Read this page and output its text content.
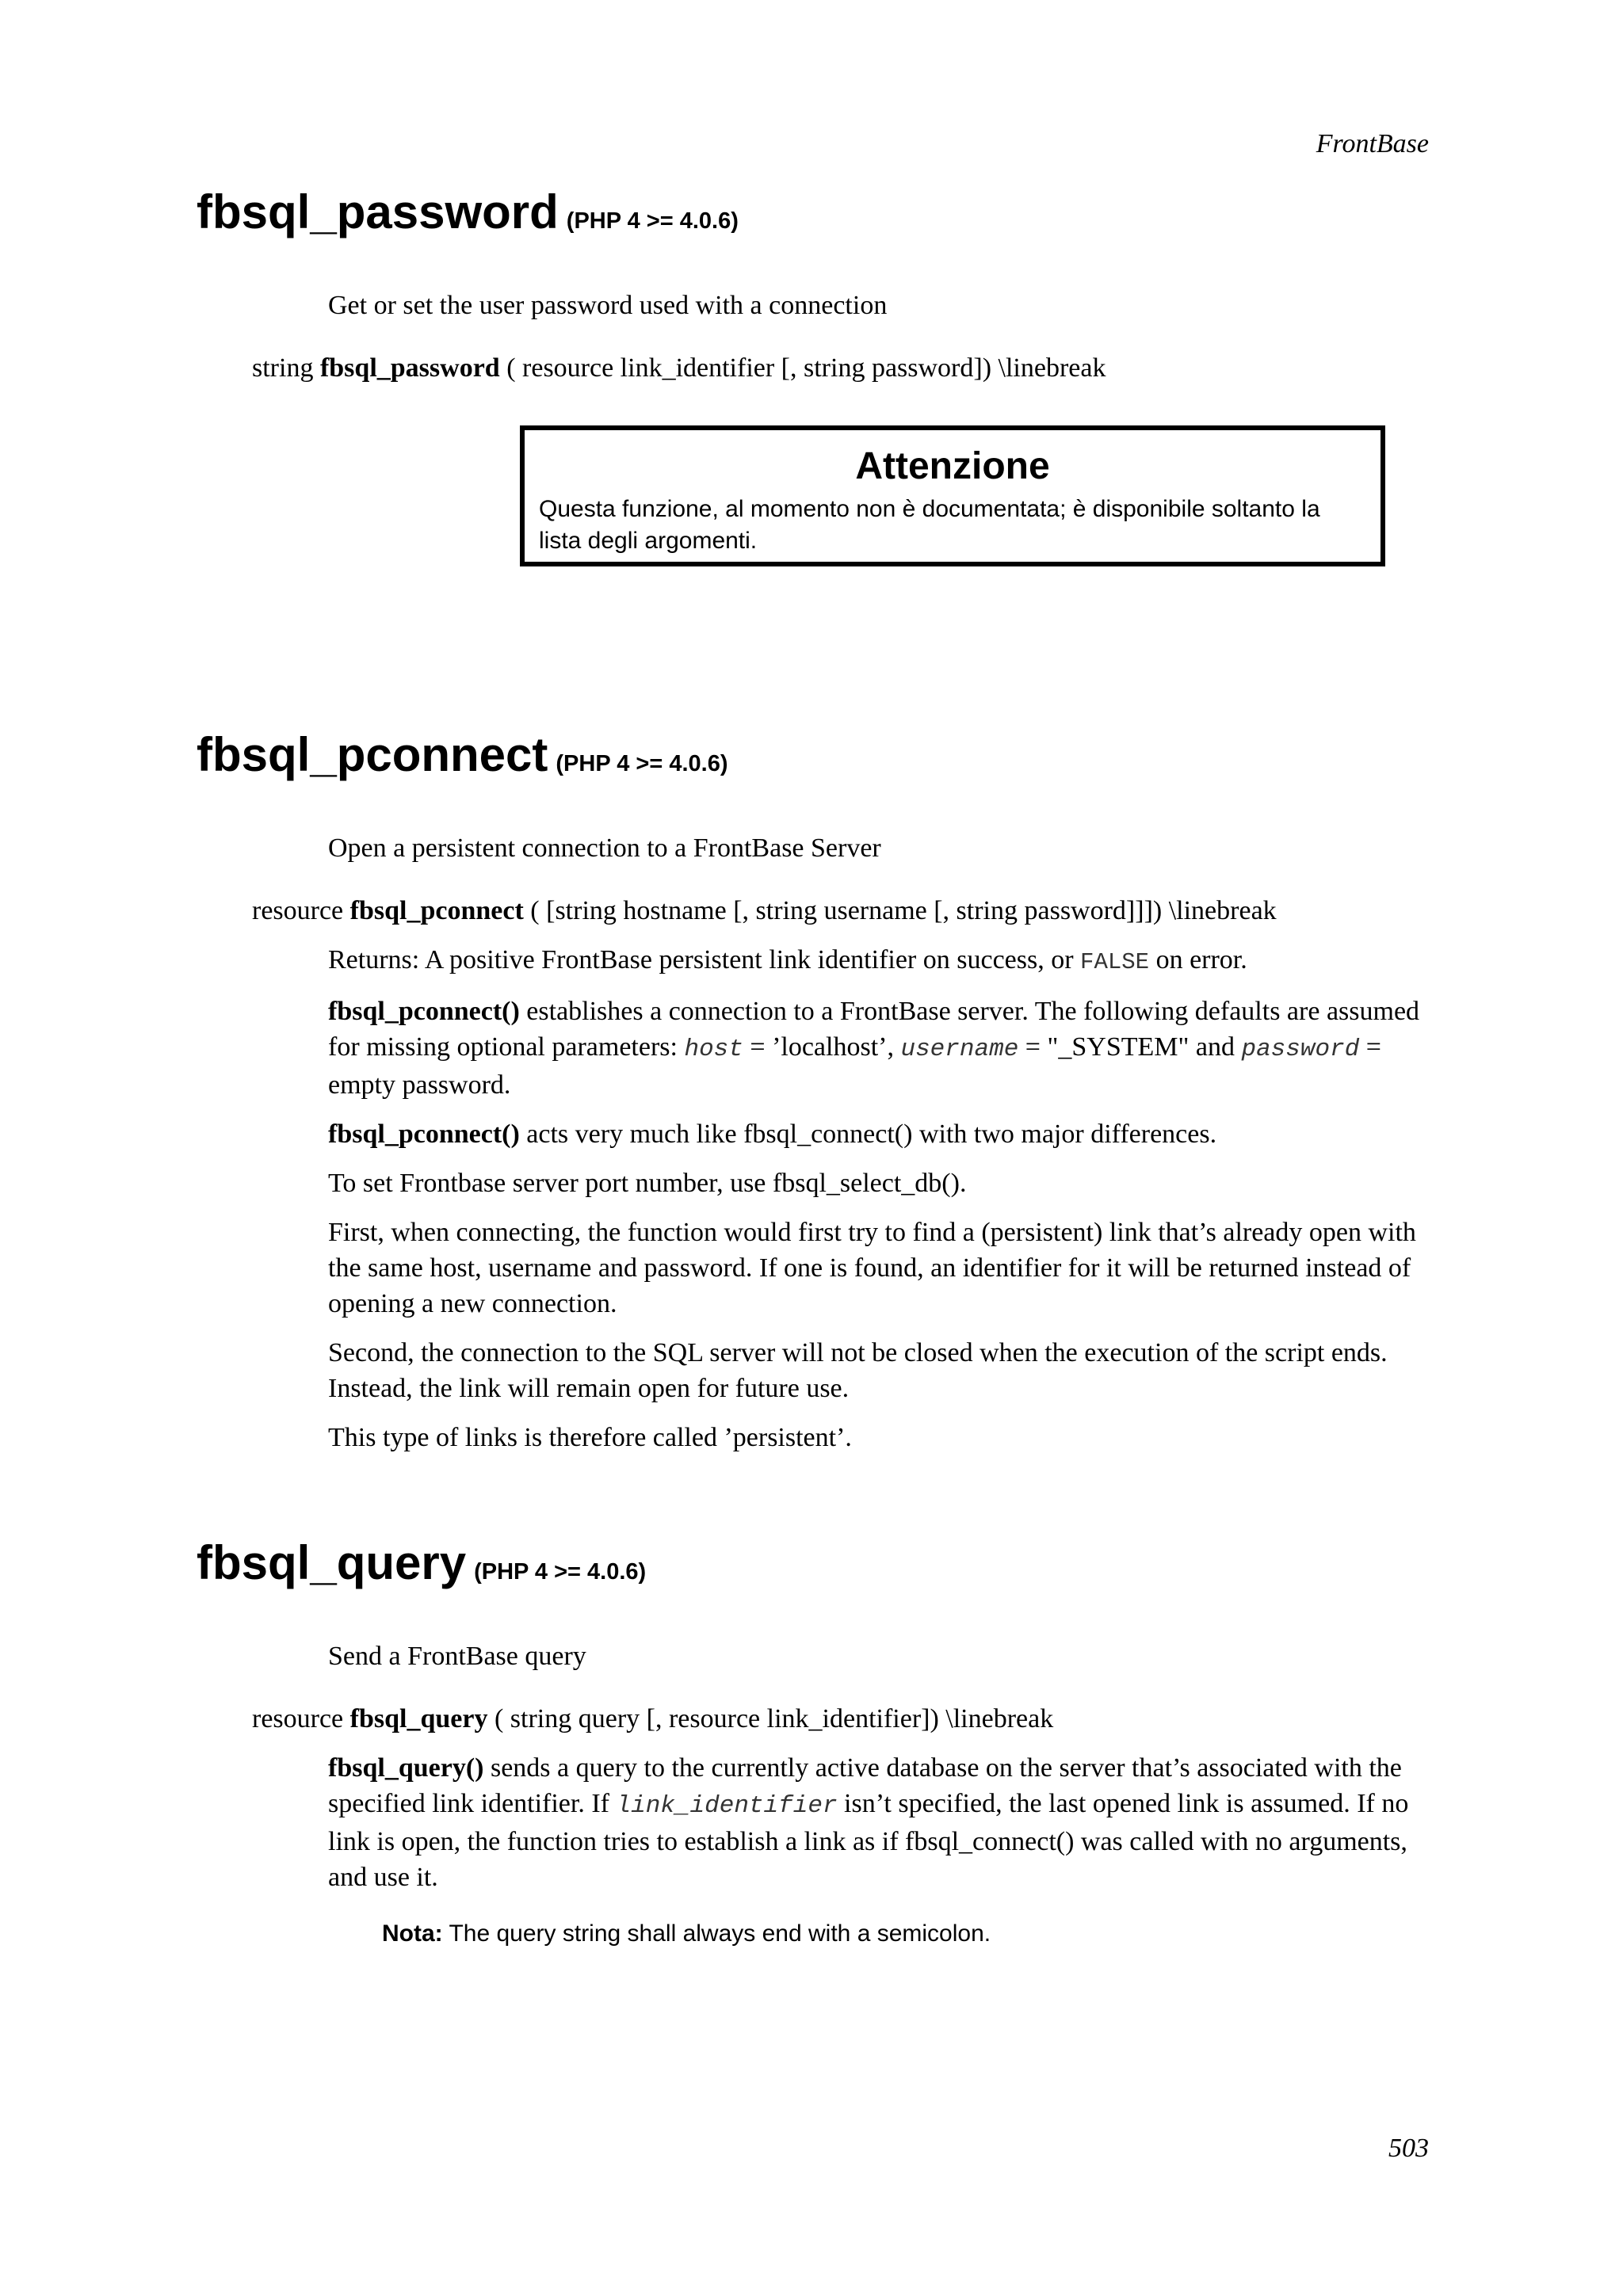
FrontBase
fbsql_password (PHP 4 >= 4.0.6)

Get or set the user password used with a connection

string fbsql_password ( resource link_identifier [, string password]) \linebreak

Attenzione
Questa funzione, al momento non è documentata; è disponibile soltanto la lista degli argomenti.
fbsql_pconnect (PHP 4 >= 4.0.6)

Open a persistent connection to a FrontBase Server

resource fbsql_pconnect ( [string hostname [, string username [, string password]]]) \linebreak

Returns: A positive FrontBase persistent link identifier on success, or FALSE on error.

fbsql_pconnect() establishes a connection to a FrontBase server. The following defaults are assumed for missing optional parameters: host = ’localhost’, username = "_SYSTEM" and password = empty password.

fbsql_pconnect() acts very much like fbsql_connect() with two major differences.

To set Frontbase server port number, use fbsql_select_db().

First, when connecting, the function would first try to find a (persistent) link that’s already open with the same host, username and password. If one is found, an identifier for it will be returned instead of opening a new connection.

Second, the connection to the SQL server will not be closed when the execution of the script ends. Instead, the link will remain open for future use.

This type of links is therefore called ’persistent’.

fbsql_query (PHP 4 >= 4.0.6)

Send a FrontBase query

resource fbsql_query ( string query [, resource link_identifier]) \linebreak

fbsql_query() sends a query to the currently active database on the server that’s associated with the specified link identifier. If link_identifier isn’t specified, the last opened link is assumed. If no link is open, the function tries to establish a link as if fbsql_connect() was called with no arguments, and use it.

Nota: The query string shall always end with a semicolon.
503
